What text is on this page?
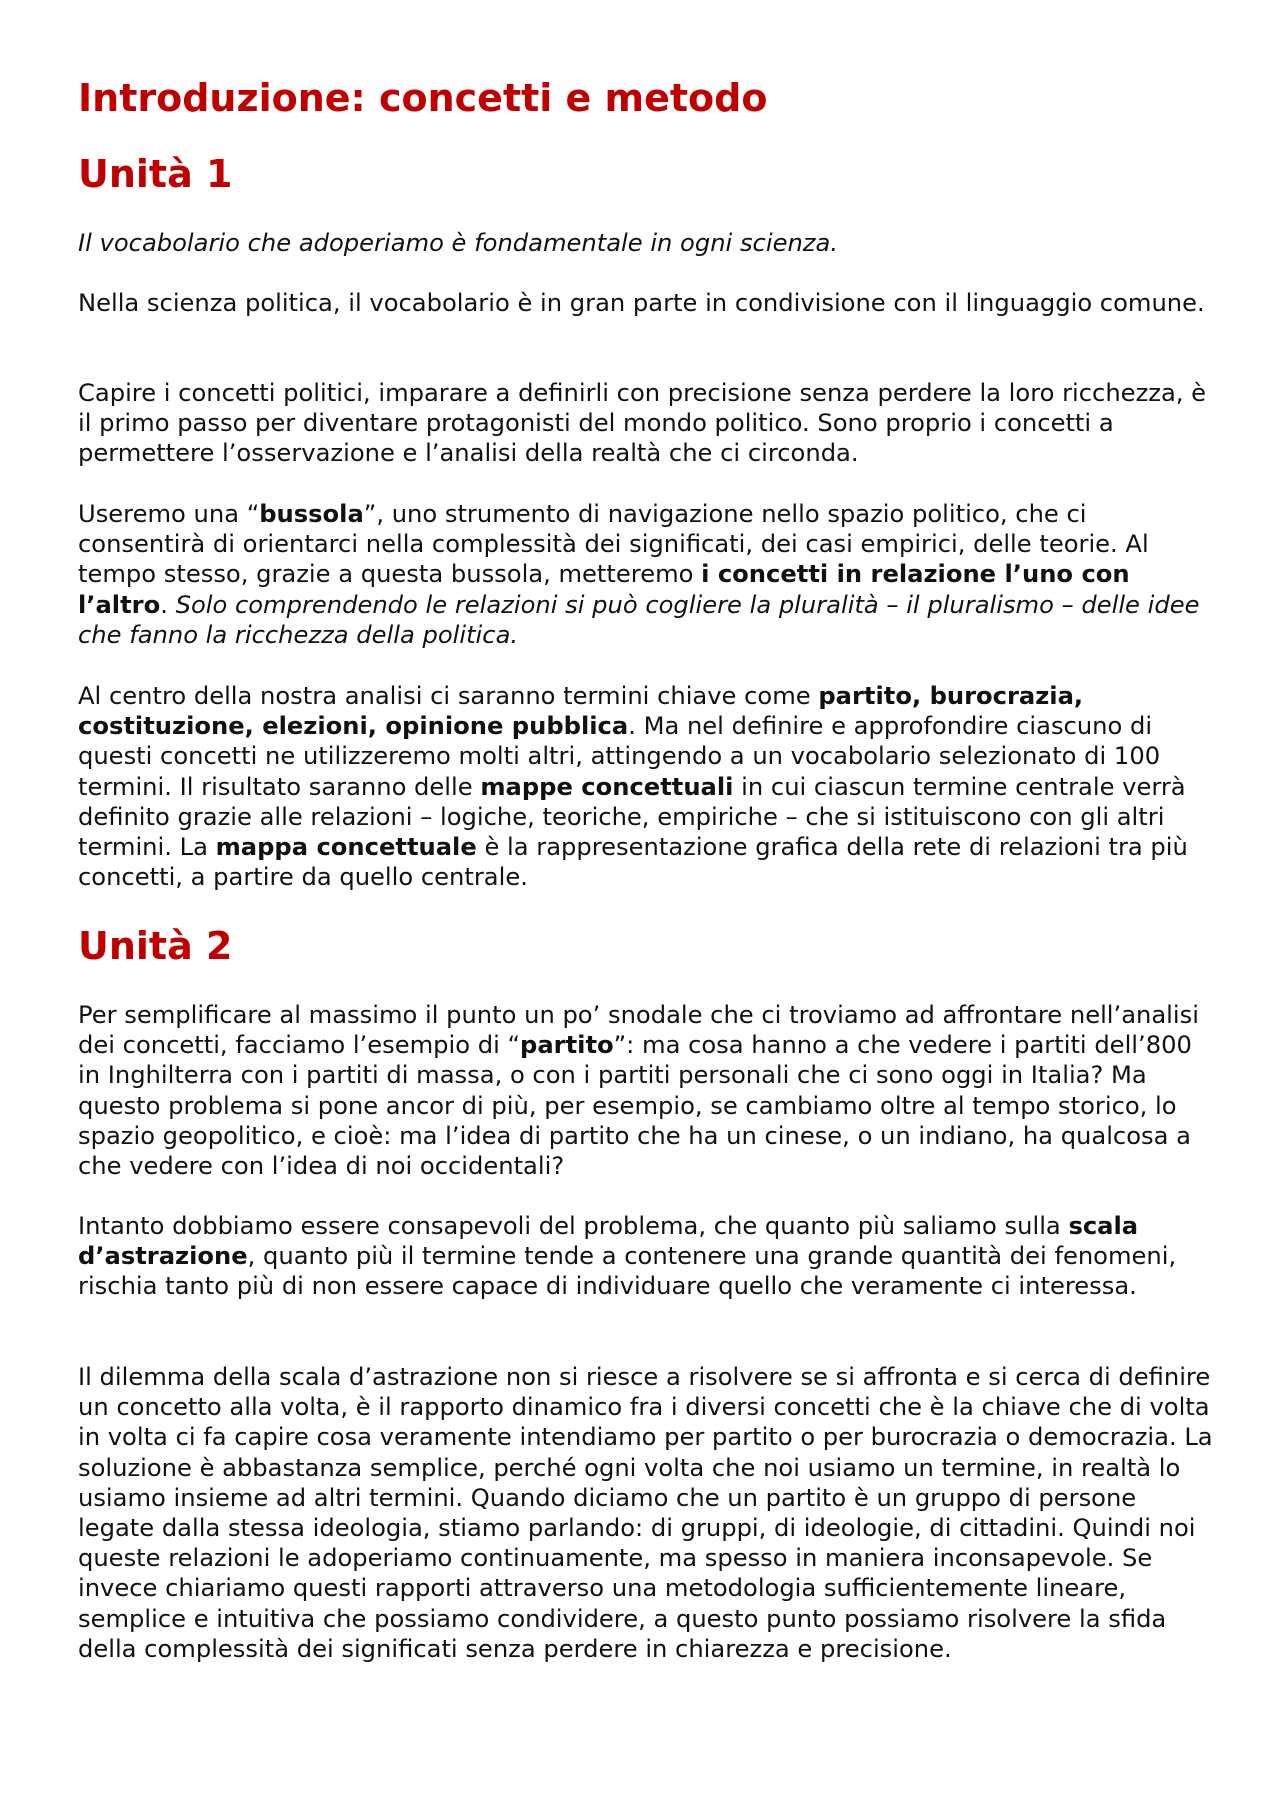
Introduzione: concetti e metodo
Unità 1

Il vocabolario che adoperiamo è fondamentale in ogni scienza.

Nella scienza politica, il vocabolario è in gran parte in condivisione con il linguaggio comune.

Capire i concetti politici, imparare a definirli con precisione senza perdere la loro ricchezza, è il primo passo per diventare protagonisti del mondo politico. Sono proprio i concetti a permettere l’osservazione e l’analisi della realtà che ci circonda.

Useremo una “bussola”, uno strumento di navigazione nello spazio politico, che ci consentirà di orientarci nella complessità dei significati, dei casi empirici, delle teorie. Al tempo stesso, grazie a questa bussola, metteremo i concetti in relazione l’uno con l’altro. Solo comprendendo le relazioni si può cogliere la pluralità – il pluralismo – delle idee che fanno la ricchezza della politica.

Al centro della nostra analisi ci saranno termini chiave come partito, burocrazia, costituzione, elezioni, opinione pubblica. Ma nel definire e approfondire ciascuno di questi concetti ne utilizzeremo molti altri, attingendo a un vocabolario selezionato di 100 termini. Il risultato saranno delle mappe concettuali in cui ciascun termine centrale verrà definito grazie alle relazioni – logiche, teoriche, empiriche – che si istituiscono con gli altri termini. La mappa concettuale è la rappresentazione grafica della rete di relazioni tra più concetti, a partire da quello centrale.

Unità 2

Per semplificare al massimo il punto un po’ snodale che ci troviamo ad affrontare nell’analisi dei concetti, facciamo l’esempio di “partito”: ma cosa hanno a che vedere i partiti dell’800 in Inghilterra con i partiti di massa, o con i partiti personali che ci sono oggi in Italia? Ma questo problema si pone ancor di più, per esempio, se cambiamo oltre al tempo storico, lo spazio geopolitico, e cioè: ma l’idea di partito che ha un cinese, o un indiano, ha qualcosa a che vedere con l’idea di noi occidentali?

Intanto dobbiamo essere consapevoli del problema, che quanto più saliamo sulla scala d’astrazione, quanto più il termine tende a contenere una grande quantità dei fenomeni, rischia tanto più di non essere capace di individuare quello che veramente ci interessa.

Il dilemma della scala d’astrazione non si riesce a risolvere se si affronta e si cerca di definire un concetto alla volta, è il rapporto dinamico fra i diversi concetti che è la chiave che di volta in volta ci fa capire cosa veramente intendiamo per partito o per burocrazia o democrazia. La soluzione è abbastanza semplice, perché ogni volta che noi usiamo un termine, in realtà lo usiamo insieme ad altri termini. Quando diciamo che un partito è un gruppo di persone legate dalla stessa ideologia, stiamo parlando: di gruppi, di ideologie, di cittadini. Quindi noi queste relazioni le adoperiamo continuamente, ma spesso in maniera inconsapevole. Se invece chiariamo questi rapporti attraverso una metodologia sufficientemente lineare, semplice e intuitiva che possiamo condividere, a questo punto possiamo risolvere la sfida della complessità dei significati senza perdere in chiarezza e precisione.
